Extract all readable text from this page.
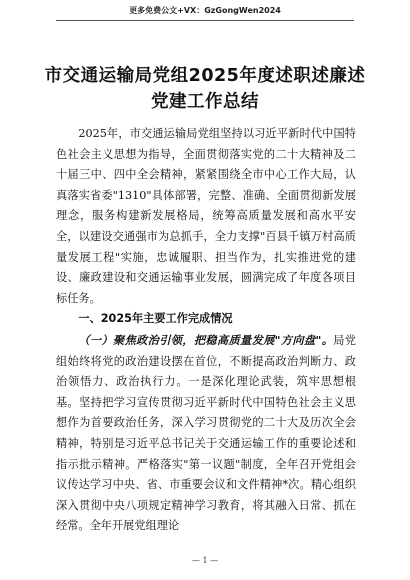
更多免费公文+VX：GzGongWen2024
市交通运输局党组2025年度述职述廉述
党建工作总结

2025年，市交通运输局党组坚持以习近平新时代中国特色社会主义思想为指导，全面贯彻落实党的二十大精神及二十届三中、四中全会精神，紧紧围绕全市中心工作大局，认真落实省委"1310"具体部署，完整、准确、全面贯彻新发展理念，服务构建新发展格局，统筹高质量发展和高水平安全，以建设交通强市为总抓手，全力支撑"百县千镇万村高质量发展工程"实施，忠诚履职、担当作为，扎实推进党的建设、廉政建设和交通运输事业发展，圆满完成了年度各项目标任务。

一、2025年主要工作完成情况

（一）聚焦政治引领，把稳高质量发展"方向盘"。局党组始终将党的政治建设摆在首位，不断提高政治判断力、政治领悟力、政治执行力。一是深化理论武装，筑牢思想根基。坚持把学习宣传贯彻习近平新时代中国特色社会主义思想作为首要政治任务，深入学习贯彻党的二十大及历次全会精神，特别是习近平总书记关于交通运输工作的重要论述和指示批示精神。严格落实"第一议题"制度，全年召开党组会议传达学习中央、省、市重要会议和文件精神*次。精心组织深入贯彻中央八项规定精神学习教育，将其融入日常、抓在经常。全年开展党组理论

— 1 —
